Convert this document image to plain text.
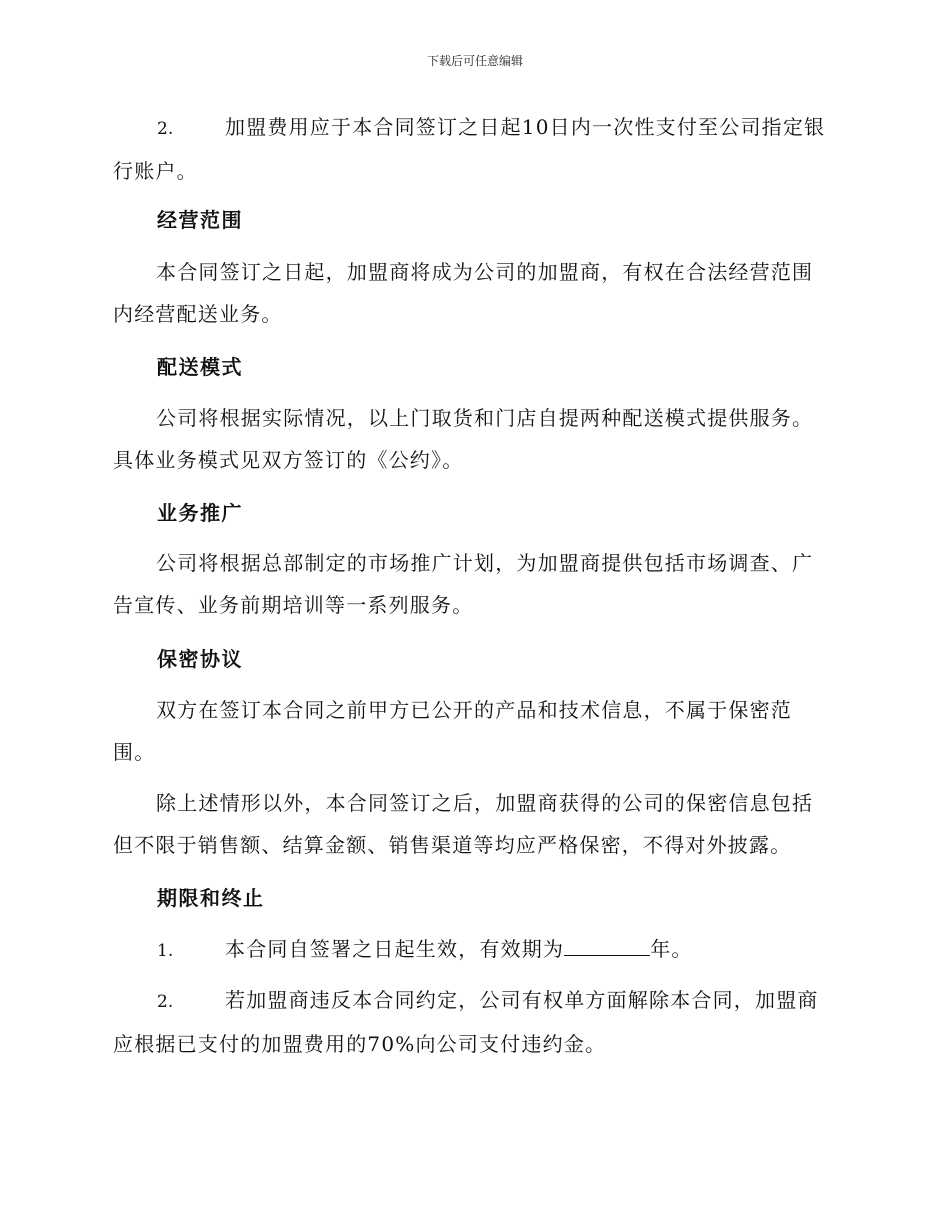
下载后可任意编辑
2.	加盟费用应于本合同签订之日起10日内一次性支付至公司指定银行账户。
经营范围
本合同签订之日起，加盟商将成为公司的加盟商，有权在合法经营范围内经营配送业务。
配送模式
公司将根据实际情况，以上门取货和门店自提两种配送模式提供服务。具体业务模式见双方签订的《公约》。
业务推广
公司将根据总部制定的市场推广计划，为加盟商提供包括市场调查、广告宣传、业务前期培训等一系列服务。
保密协议
双方在签订本合同之前甲方已公开的产品和技术信息，不属于保密范围。
除上述情形以外，本合同签订之后，加盟商获得的公司的保密信息包括但不限于销售额、结算金额、销售渠道等均应严格保密，不得对外披露。
期限和终止
1.	本合同自签署之日起生效，有效期为	年。
2.	若加盟商违反本合同约定，公司有权单方面解除本合同，加盟商应根据已支付的加盟费用的70%向公司支付违约金。
